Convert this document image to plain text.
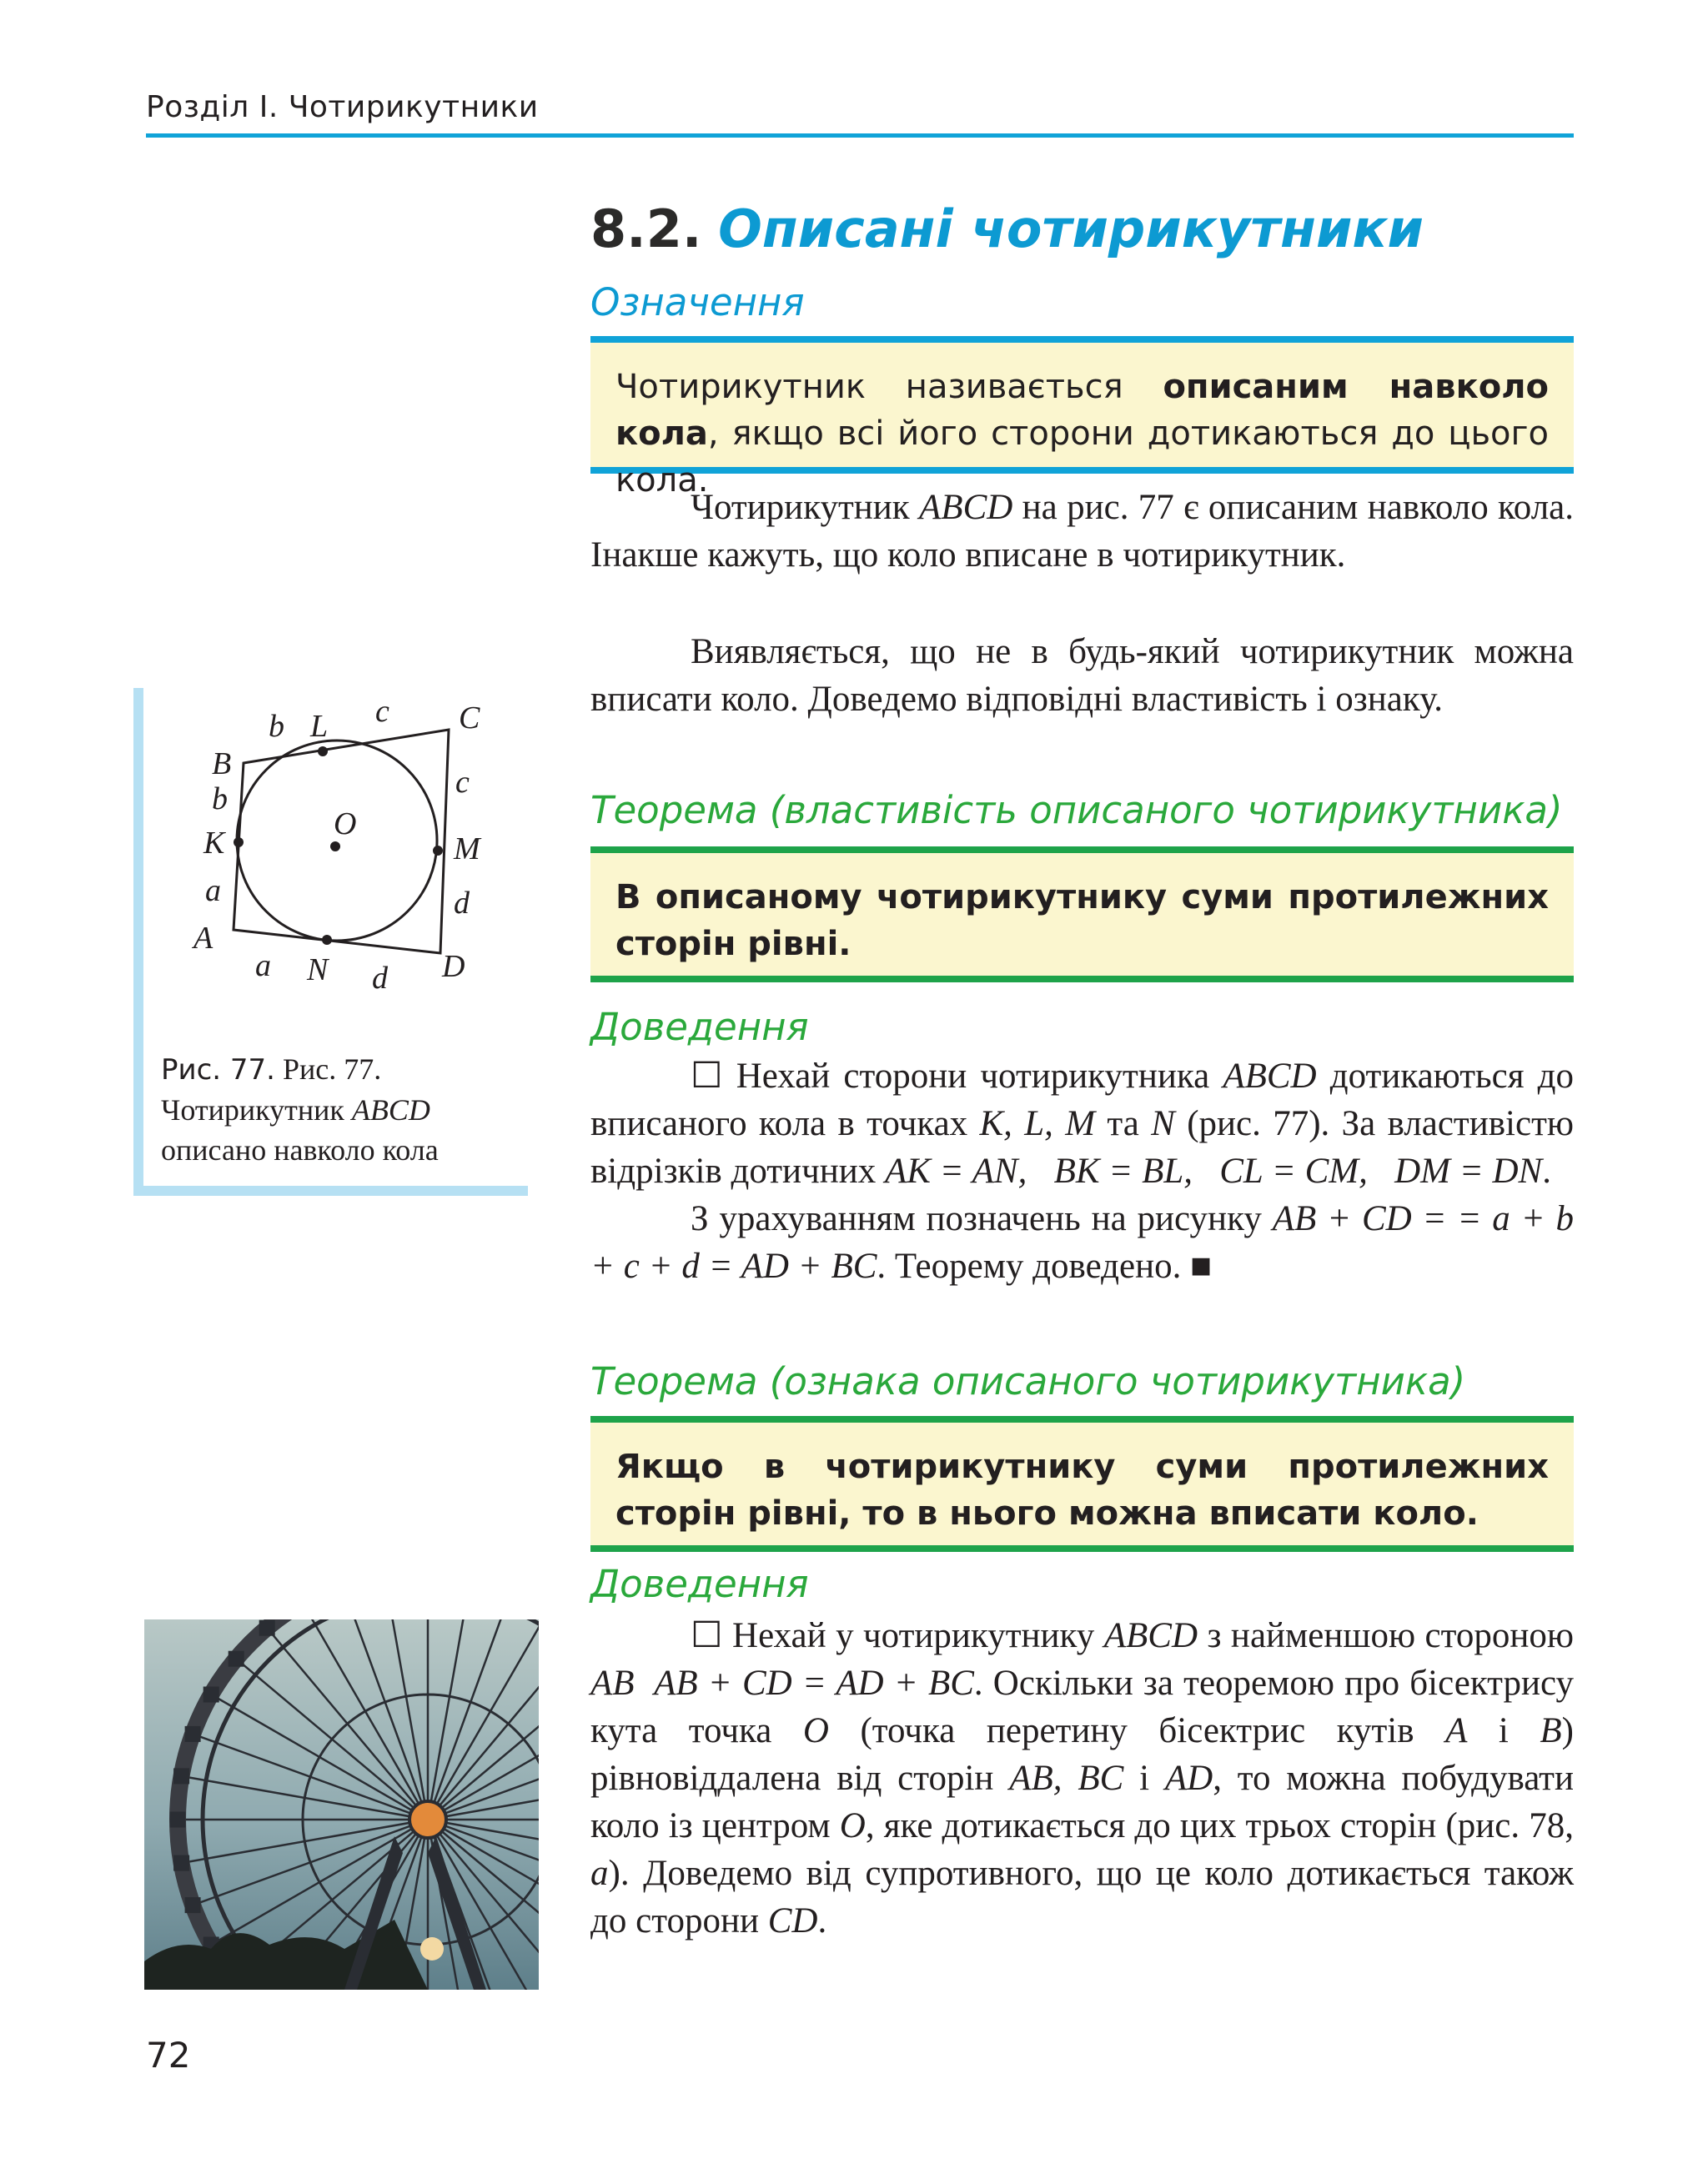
Розділ I. Чотирикутники
8.2. Описані чотирикутники
Означення

Чотирикутник називається описаним навколо кола, якщо всі його сторони дотикаються до цього кола.

Чотирикутник ABCD на рис. 77 є описаним навколо кола. Інакше кажуть, що коло вписане в чотирикутник.

Виявляється, що не в будь-який чотирикутник можна вписати коло. Доведемо відповідні властивість і ознаку.

Теорема (властивість описаного чотирикутника)

В описаному чотирикутнику суми протилежних сторін рівні.

Доведення

☐ Нехай сторони чотирикутника ABCD дотикаються до вписаного кола в точках K, L, M та N (рис. 77). За властивістю відрізків дотичних AK = AN,   BK = BL,   CL = CM,   DM = DN.
З урахуванням позначень на рисунку AB + CD = = a + b + c + d = AD + BC. Теорему доведено. ■

Теорема (ознака описаного чотирикутника)

Якщо в чотирикутнику суми протилежних сторін рівні, то в нього можна вписати коло.

Доведення

☐ Нехай у чотирикутнику ABCD з найменшою стороною AB  AB + CD = AD + BC. Оскільки за теоремою про бісектрису кута точка O (точка перетину бісектрис кутів A і B) рівновіддалена від сторін AB, BC і AD, то можна побудувати коло із центром O, яке дотикається до цих трьох сторін (рис. 78, а). Доведемо від супротивного, що це коло дотикається також до сторони CD.

B
L	C
K
O
M
A
N	D
b	c
b	c
a	d
a	d
Рис. 77. Рис. 77. Чотирикутник ABCD описано навколо кола
72
